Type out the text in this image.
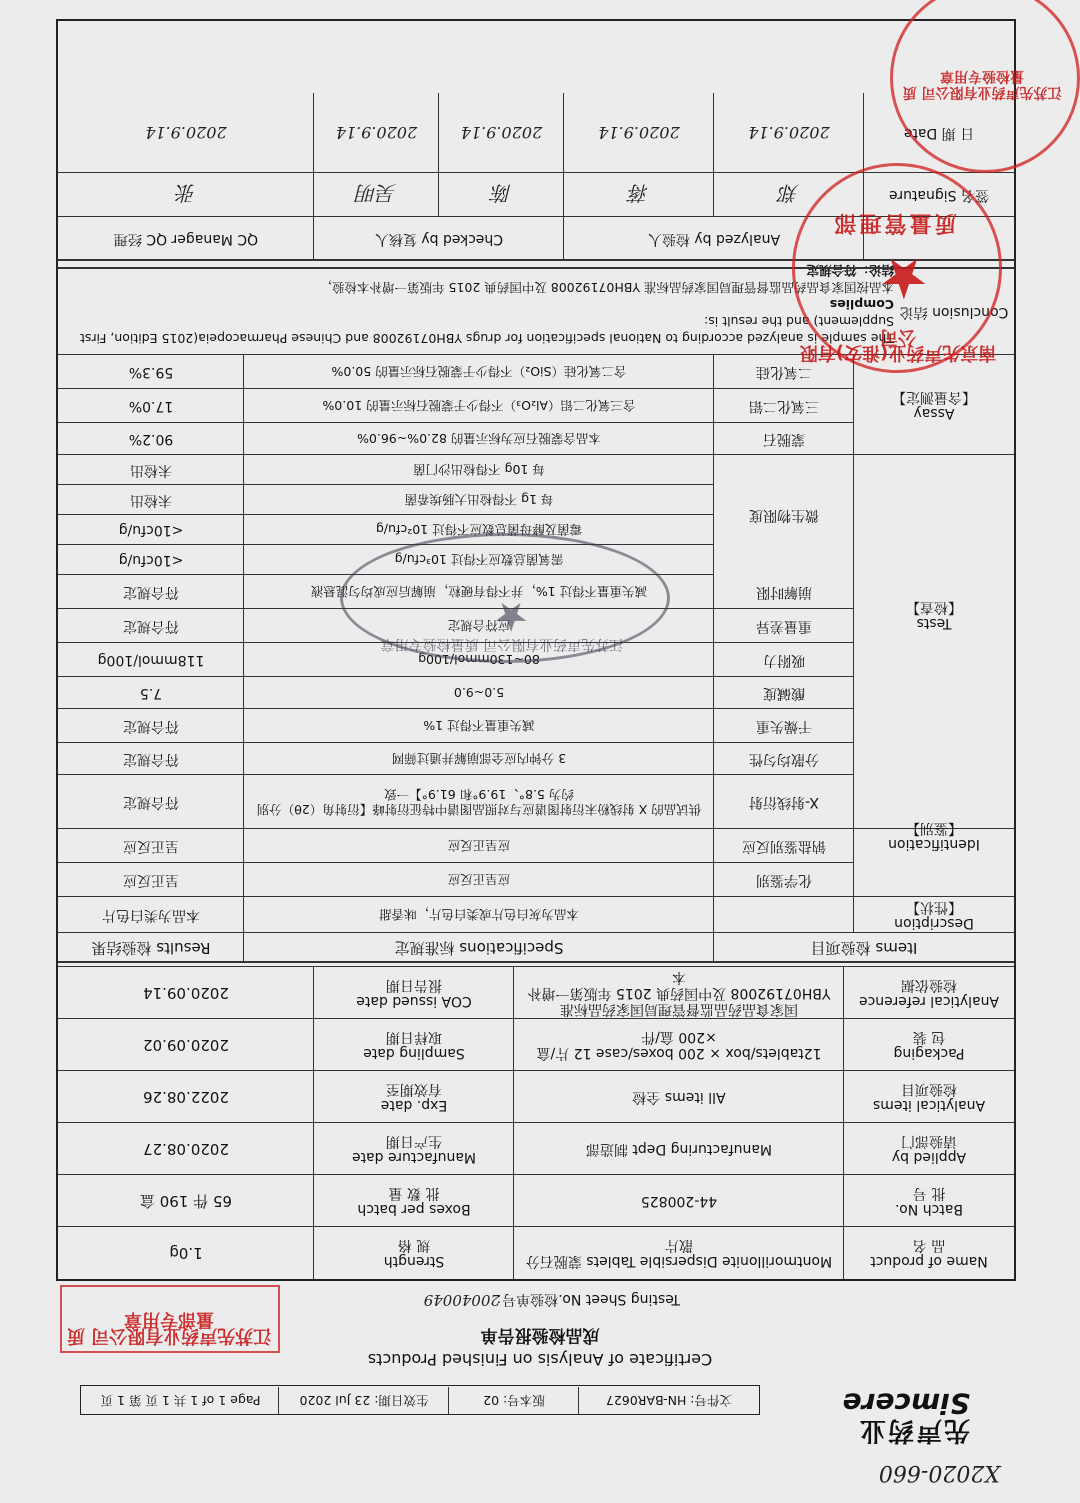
X2020-660
先声药业
Simcere
文件号: HN-BAR0627
版本号: 02
生效日期: 23 Jul 2020
Page 1 of 1 共 1 页 第 1 页
Certificate of Analysis on Finished Products
成品检验报告单
Testing Sheet No.检验单号：
20040049
Name of product
品 名
Montmorillonite Dispersible Tablets 蒙脱石分散片
Strength
规 格
1.0g
Batch No.
批 号
44-200825
Boxes per batch
批 数 量
65 件 190 盒
Applied by
请验部门
Manufacturing Dept 制造部
Manufacture date
生产日期
2020.08.27
Analytical items
检验项目
All items 全检
Exp. date
有效期至
2022.08.26
Packaging
包 装
12tablets/box × 200 boxes/case 12 片/盒×200 盒/件
Sampling date
取样日期
2020.09.02
Analytical reference
检验依据
国家食品药品监督管理局国家药品标准 YBH07192008 及中国药典 2015 年版第一增补本
COA issued date
报告日期
2020.09.14
Items 检验项目
Specifications 标准规定
Results 检验结果
本品为灰白色片或类白色片，味香甜
本品为类白色片
化学鉴别
应呈正反应
呈正反应
钠盐鉴别反应
应呈正反应
呈正反应
X-射线衍射
供试品的 X 射线粉末衍射图谱应与对照品图谱中特征衍射峰【衍射角（2θ）分别约为 5.8°、19.9°和 61.9°】一致
符合规定
分散均匀性
3 分钟内应全部崩解并通过筛网
符合规定
干燥失重
减失重量不得过 1%
符合规定
酸碱度
5.0~9.0
7.5
吸附力
80~130mmol/100g
118mmol/100g
重量差异
应符合规定
符合规定
崩解时限
减失重量不得过 1%，并不得有硬粒，崩解后应成均匀混悬液
符合规定
需氧菌总数应不得过 10³cfu/g
<10cfu/g
霉菌及酵母菌总数应不得过 10²cfu/g
<10cfu/g
每 1g 不得检出大肠埃希菌
未检出
每 10g 不得检出沙门菌
未检出
蒙脱石
本品含蒙脱石应为标示量的 82.0%~96.0%
90.2%
三氧化二铝
含三氧化二铝（Al₂O₃）不得少于蒙脱石标示量的 10.0%
17.0%
二氧化硅
含二氧化硅（SiO₂）不得少于蒙脱石标示量的 50.0%
59.3%
Description
【性状】
Identification
【鉴别】
Tests
【检查】
Assay
【含量测定】
微生物限度
Conclusion 结论
The sample is analyzed according to National specification for drugs YBH07192008 and Chinese Pharmacopeia(2015 Edition, First Supplement) and the result is:
Complies
本品按国家食品药品监督管理局国家药品标准 YBH07192008 及中国药典 2015 年版第一增补本检验，
结论：符合规定
Analyzed by 检验人
Checked by 复核人
QC Manager QC 经理
签名 Signature
郑
2020.9.14
蒋
2020.9.14
陈
2020.9.14
吴明
2020.9.14
张
2020.9.14	日 期 Date
★
南京先声药业(淮安)有限公司
质量管理部
江苏先声药业有限公司 质量检验专用章
江苏先声药业有限公司 质量部专用章
★
江苏先声药业有限公司 质量检验专用章
